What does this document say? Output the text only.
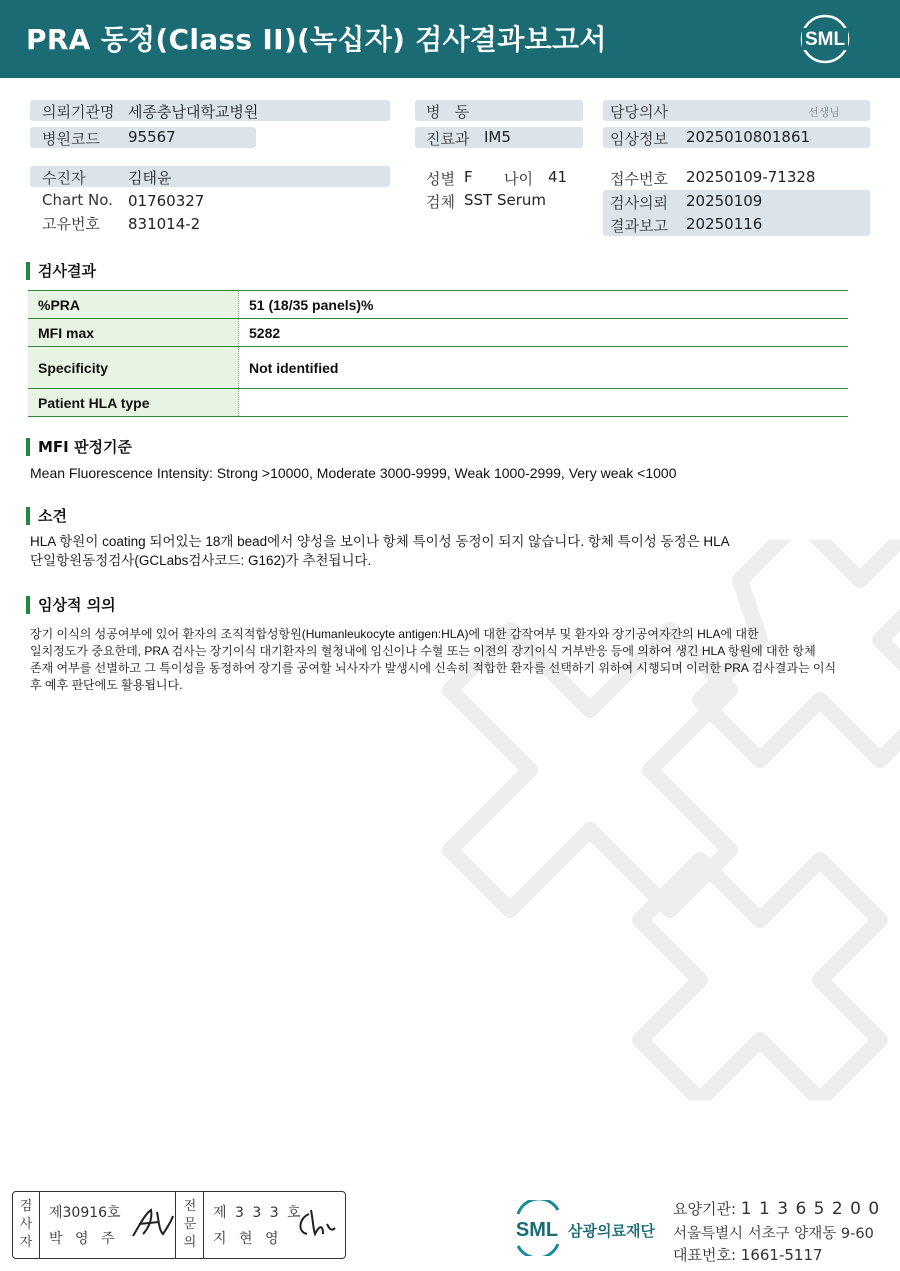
PRA 동정(Class II)(녹십자) 검사결과보고서	SML
의뢰기관명 세종충남대학교병원
병원코드 95567
병   동
진료과 IM5
담당의사	선생님
임상정보 2025010801861
수진자	김태윤
Chart No. 01760327
고유번호 831014-2
성별 F 나이 41
검체 SST Serum
접수번호 20250109-71328
검사의뢰 20250109
결과보고 20250116
검사결과
%PRA	51 (18/35 panels)%
MFI max	5282
Specificity	Not identified
Patient HLA type	
MFI 판정기준
Mean Fluorescence Intensity: Strong >10000, Moderate 3000-9999, Weak 1000-2999, Very weak <1000
소견
HLA 항원이 coating 되어있는 18개 bead에서 양성을 보이나 항체 특이성 동정이 되지 않습니다. 항체 특이성 동정은 HLA
단일항원동정검사(GCLabs검사코드: G162)가 추천됩니다.
임상적 의의
장기 이식의 성공여부에 있어 환자의 조직적합성항원(Humanleukocyte antigen:HLA)에 대한 감작여부 및 환자와 장기공여자간의 HLA에 대한
일치정도가 중요한데, PRA 검사는 장기이식 대기환자의 혈청내에 임신이나 수혈 또는 이전의 장기이식 거부반응 등에 의하여 생긴 HLA 항원에 대한 항체
존재 여부를 선별하고 그 특이성을 동정하여 장기를 공여할 뇌사자가 발생시에 신속히 적합한 환자를 선택하기 위하여 시행되며 이러한 PRA 검사결과는 이식
후 예후 판단에도 활용됩니다.
검사자
제30916호
박 영 주
전문의
제 3 3 3 호
지 현 영	SML 삼광의료재단
요양기관: 1 1 3 6 5 2 0 0
서울특별시 서초구 양재동 9-60
대표번호: 1661-5117
